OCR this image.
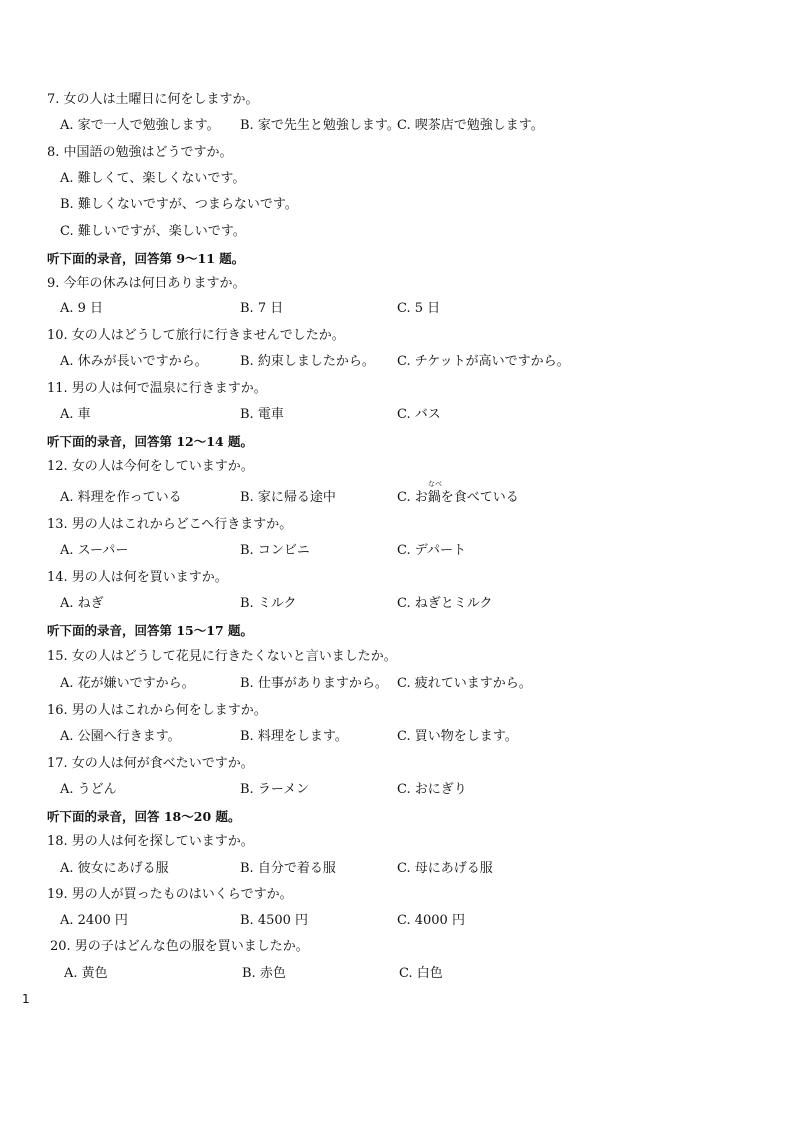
7. 女の人は土曜日に何をしますか。
A. 家で一人で勉強します。 B. 家で先生と勉強します。
C. 喫茶店で勉強します。
8. 中国語の勉強はどうですか。
A. 難しくて、楽しくないです。
B. 難しくないですが、つまらないです。
C. 難しいですが、楽しいです。
听下面的录音，回答第 9～11 题。
9. 今年の休みは何日ありますか。
A. 9 日	B. 7 日	C. 5 日
10. 女の人はどうして旅行に行きませんでしたか。
A. 休みが長いですから。 B. 約束しましたから。 C. チケットが高いですから。
11. 男の人は何で温泉に行きますか。
A. 車	B. 電車	C. バス
听下面的录音，回答第 12～14 题。
12. 女の人は今何をしていますか。
A. 料理を作っている	B. 家に帰る途中
なべ
C. お鍋を食べている
13. 男の人はこれからどこへ行きますか。
A. スーパー	B. コンビニ	C. デパート
14. 男の人は何を買いますか。
A. ねぎ	B. ミルク	C. ねぎとミルク
听下面的录音，回答第 15～17 题。
15. 女の人はどうして花見に行きたくないと言いましたか。
A. 花が嫌いですから。	B. 仕事がありますから。 C. 疲れていますから。
16. 男の人はこれから何をしますか。
A. 公園へ行きます。	B. 料理をします。	C. 買い物をします。
17. 女の人は何が食べたいですか。
A. うどん	B. ラーメン	C. おにぎり
听下面的录音，回答 18～20 题。
18. 男の人は何を探していますか。
A. 彼女にあげる服	B. 自分で着る服	C. 母にあげる服
19. 男の人が買ったものはいくらですか。
A. 2400 円	B. 4500 円	C. 4000 円
20. 男の子はどんな色の服を買いましたか。
A. 黄色	B. 赤色	C. 白色
1
